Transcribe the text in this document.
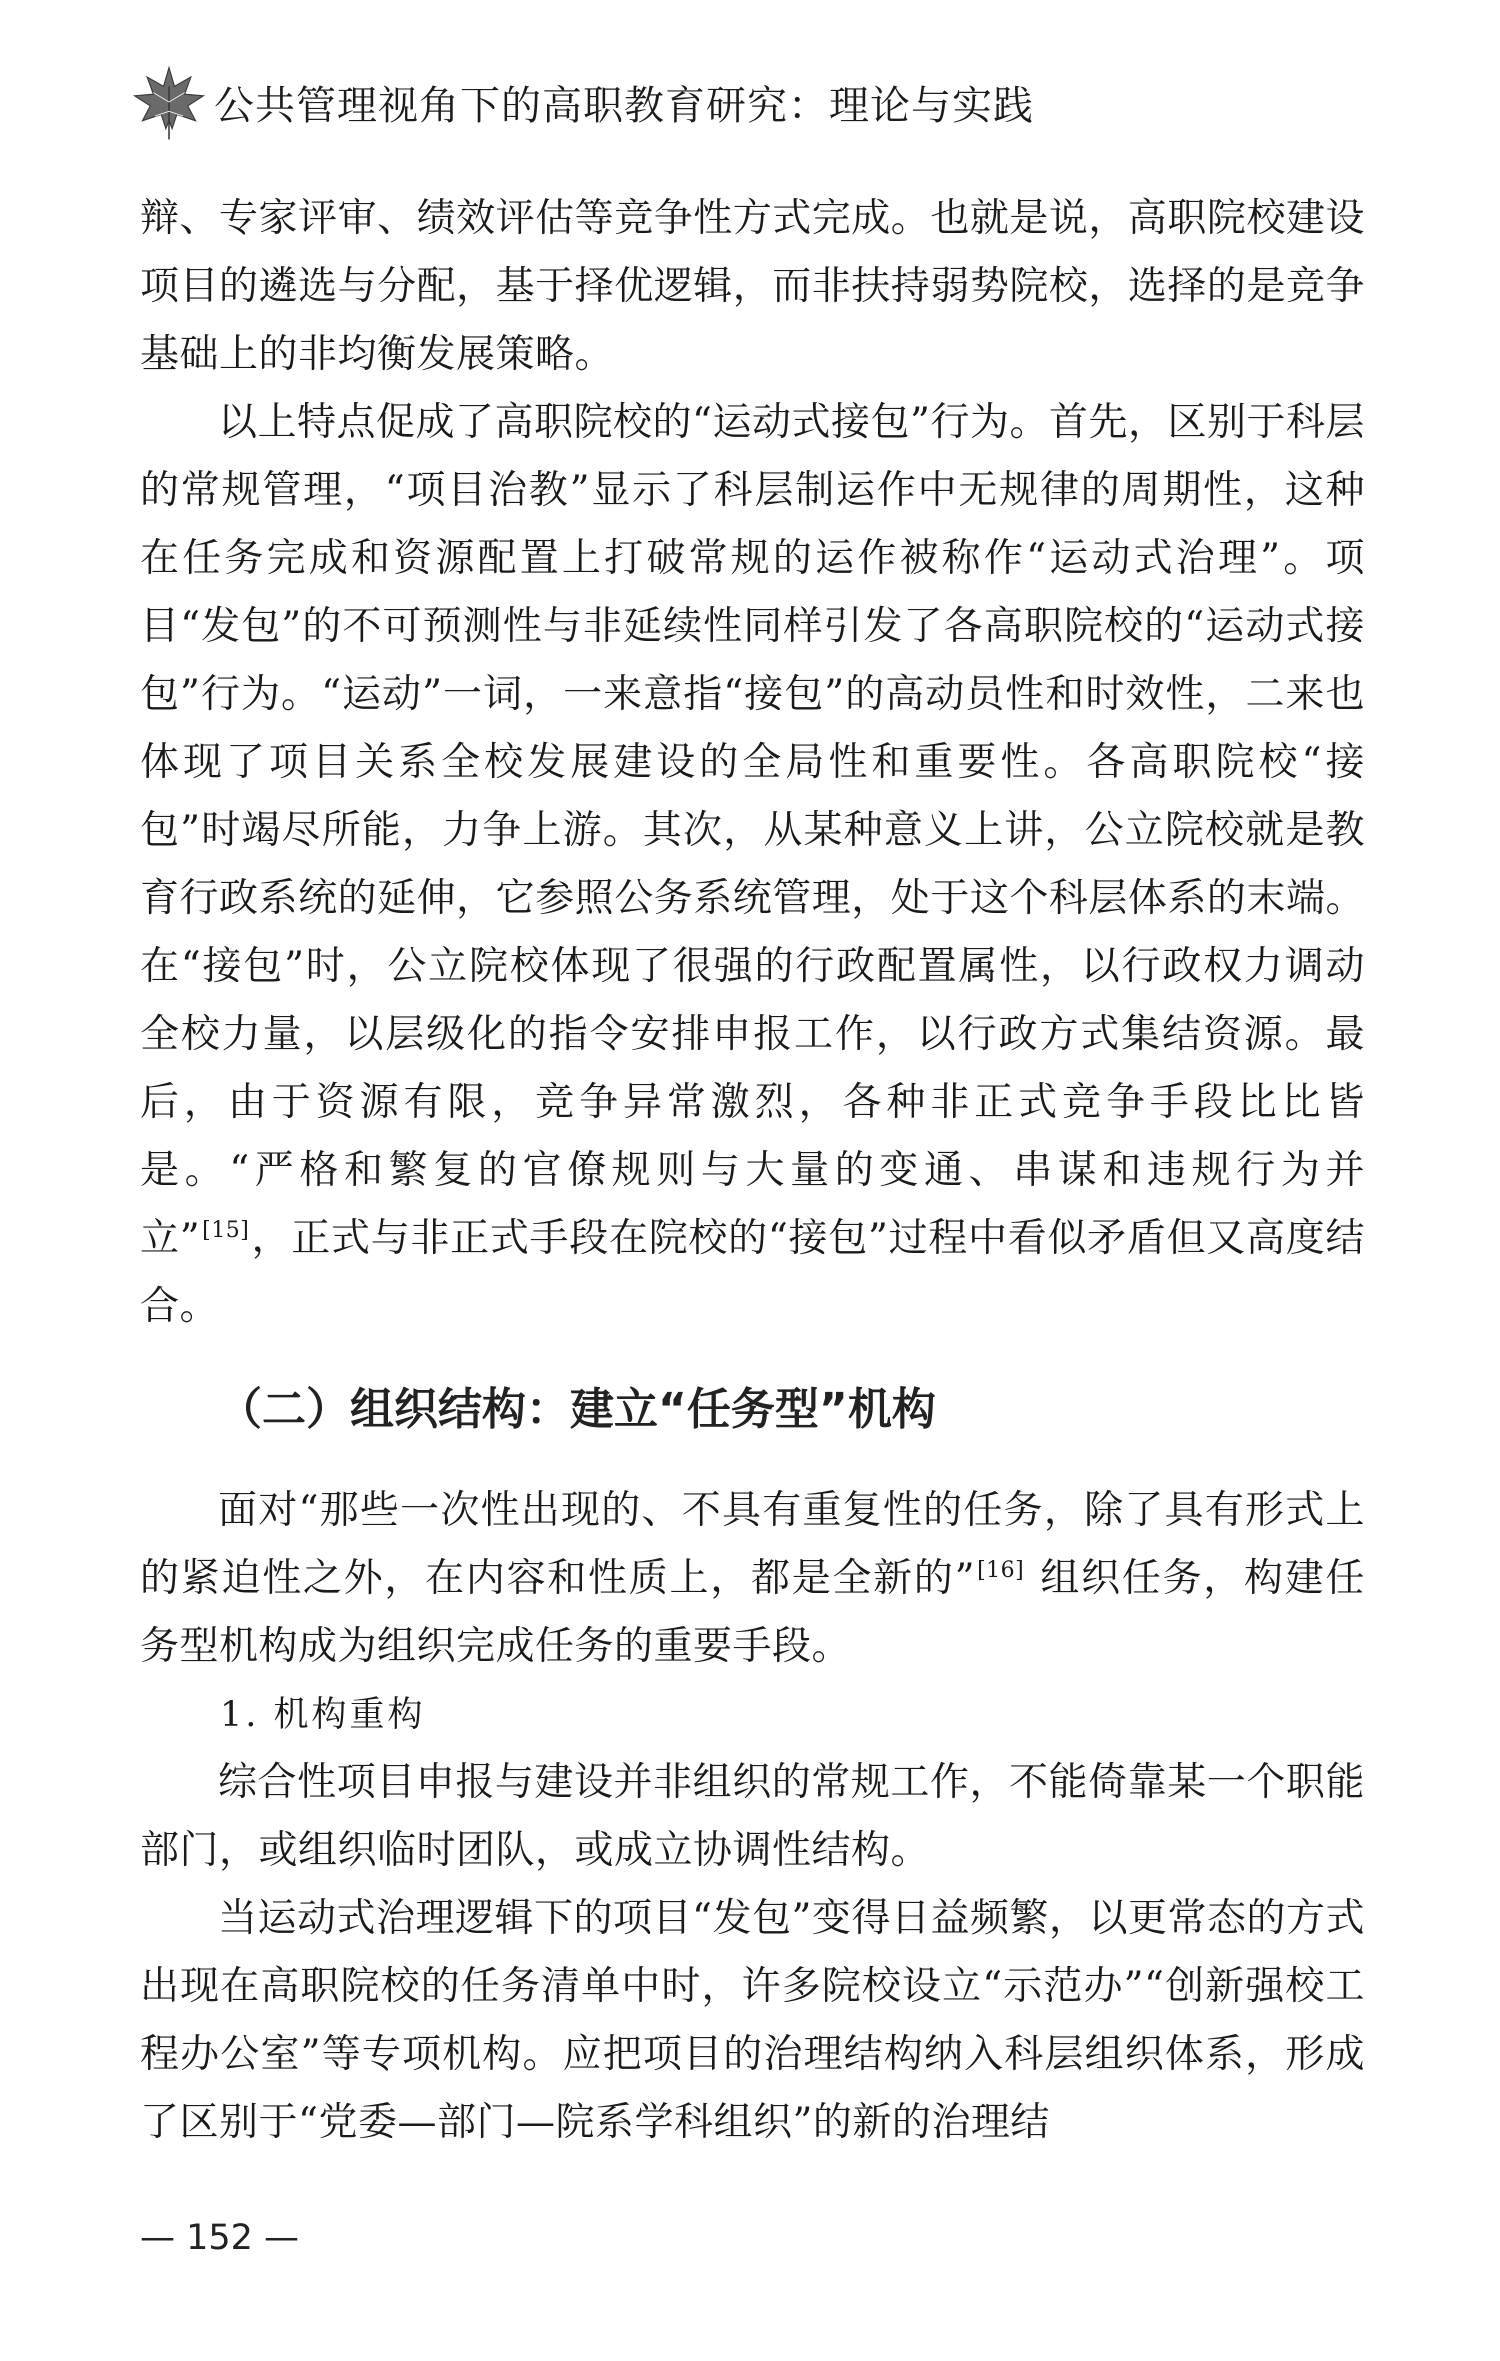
公共管理视角下的高职教育研究：理论与实践

辩、专家评审、绩效评估等竞争性方式完成。也就是说，高职院校建设项目的遴选与分配，基于择优逻辑，而非扶持弱势院校，选择的是竞争基础上的非均衡发展策略。

以上特点促成了高职院校的“运动式接包”行为。首先，区别于科层的常规管理，“项目治教”显示了科层制运作中无规律的周期性，这种在任务完成和资源配置上打破常规的运作被称作“运动式治理”。项目“发包”的不可预测性与非延续性同样引发了各高职院校的“运动式接包”行为。“运动”一词，一来意指“接包”的高动员性和时效性，二来也体现了项目关系全校发展建设的全局性和重要性。各高职院校“接包”时竭尽所能，力争上游。其次，从某种意义上讲，公立院校就是教育行政系统的延伸，它参照公务系统管理，处于这个科层体系的末端。在“接包”时，公立院校体现了很强的行政配置属性，以行政权力调动全校力量，以层级化的指令安排申报工作，以行政方式集结资源。最后，由于资源有限，竞争异常激烈，各种非正式竞争手段比比皆是。“严格和繁复的官僚规则与大量的变通、串谋和违规行为并立”[15]，正式与非正式手段在院校的“接包”过程中看似矛盾但又高度结合。

（二）组织结构：建立“任务型”机构

面对“那些一次性出现的、不具有重复性的任务，除了具有形式上的紧迫性之外，在内容和性质上，都是全新的”[16] 组织任务，构建任务型机构成为组织完成任务的重要手段。

1. 机构重构

综合性项目申报与建设并非组织的常规工作，不能倚靠某一个职能部门，或组织临时团队，或成立协调性结构。

当运动式治理逻辑下的项目“发包”变得日益频繁，以更常态的方式出现在高职院校的任务清单中时，许多院校设立“示范办”“创新强校工程办公室”等专项机构。应把项目的治理结构纳入科层组织体系，形成了区别于“党委—部门—院系学科组织”的新的治理结

— 152 —
